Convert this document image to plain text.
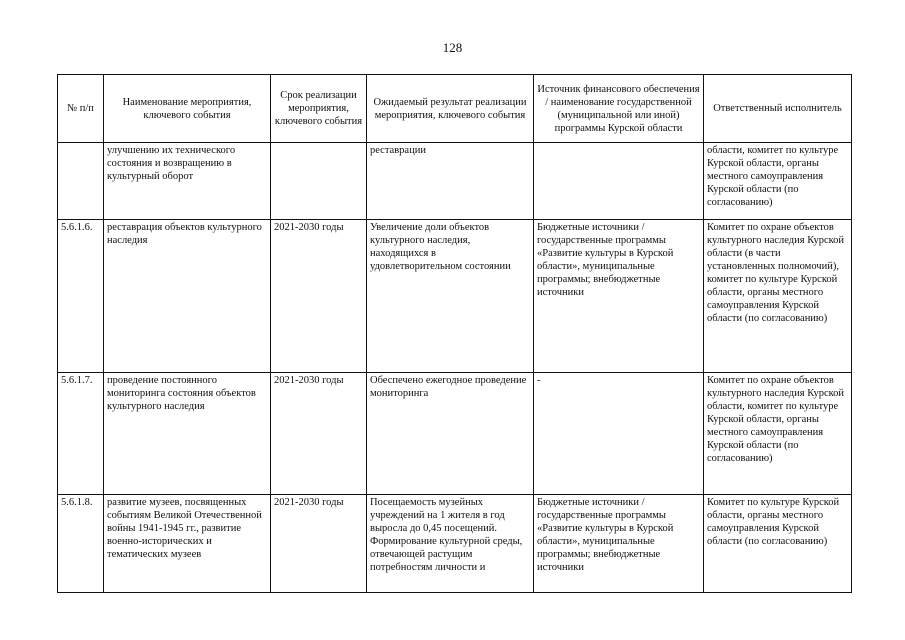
128
№ п/п	Наименование мероприятия, ключевого события	Срок реализации мероприятия, ключевого события	Ожидаемый результат реализации мероприятия, ключевого события	Источник финансового обеспечения / наименование государственной (муниципальной или иной) программы Курской области	Ответственный исполнитель
	улучшению их технического состояния и возвращению в культурный оборот		реставрации		области, комитет по культуре Курской области, органы местного самоуправления Курской области (по согласованию)
5.6.1.6.	реставрация объектов культурного наследия	2021-2030 годы	Увеличение доли объектов культурного наследия, находящихся в удовлетворительном состоянии	Бюджетные источники / государственные программы «Развитие культуры в Курской области», муниципальные программы; внебюджетные источники	Комитет по охране объектов культурного наследия Курской области (в части установленных полномочий), комитет по культуре Курской области, органы местного самоуправления Курской области (по согласованию)
5.6.1.7.	проведение постоянного мониторинга состояния объектов культурного наследия	2021-2030 годы	Обеспечено ежегодное проведение мониторинга	-	Комитет по охране объектов культурного наследия Курской области, комитет по культуре Курской области, органы местного самоуправления Курской области (по согласованию)
5.6.1.8.	развитие музеев, посвященных событиям Великой Отечественной войны 1941-1945 гг., развитие военно-исторических и тематических музеев	2021-2030 годы	Посещаемость музейных учреждений на 1 жителя в год выросла до 0,45 посещений. Формирование культурной среды, отвечающей растущим потребностям личности и	Бюджетные источники / государственные программы «Развитие культуры в Курской области», муниципальные программы; внебюджетные источники	Комитет по культуре Курской области, органы местного самоуправления Курской области (по согласованию)
